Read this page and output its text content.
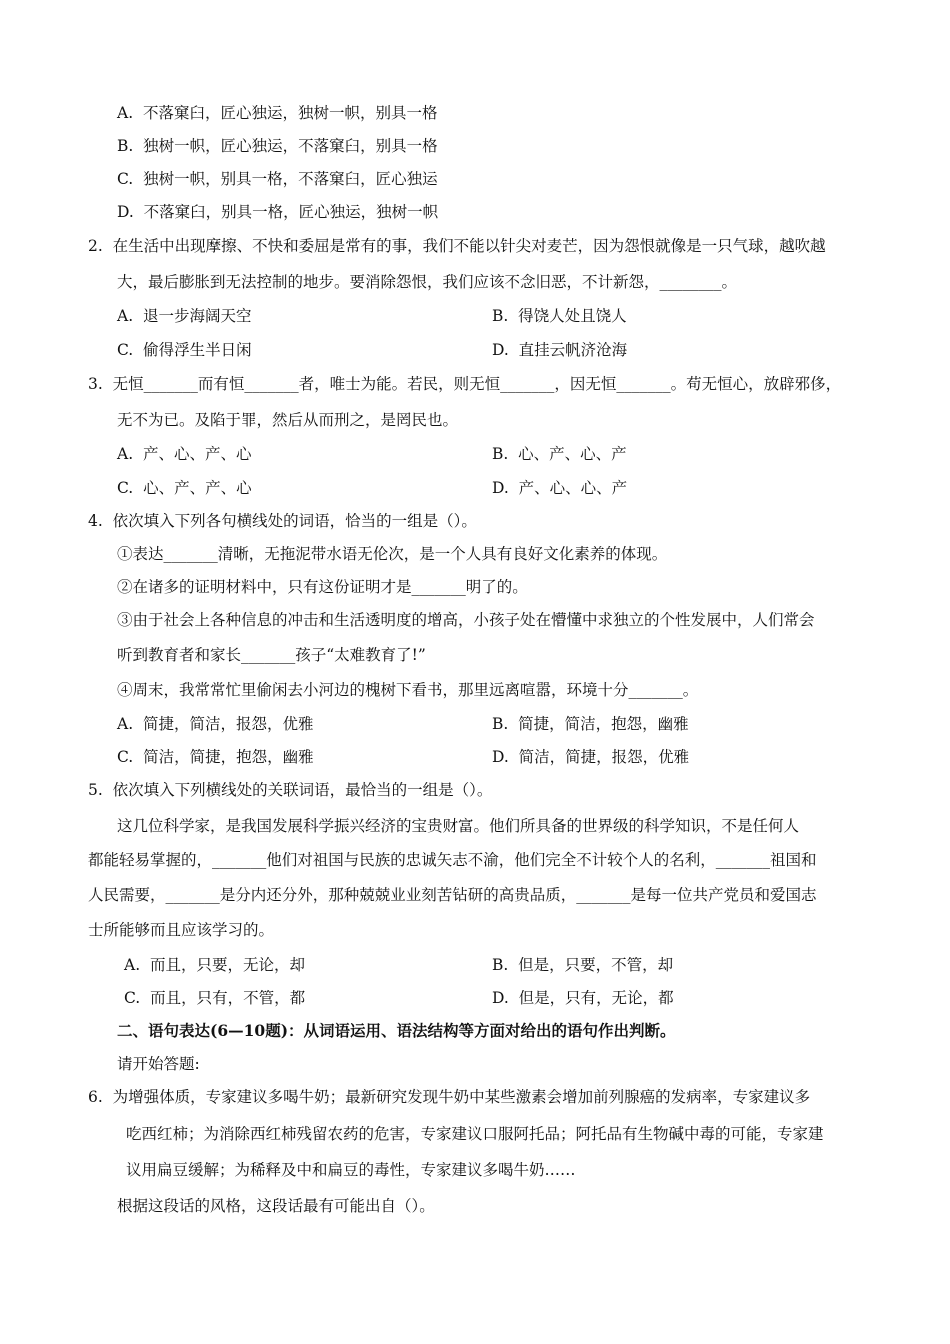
A.  不落窠臼，匠心独运，独树一帜，别具一格
B.  独树一帜，匠心独运，不落窠臼，别具一格
C.  独树一帜，别具一格，不落窠臼，匠心独运
D.  不落窠臼，别具一格，匠心独运，独树一帜
2.  在生活中出现摩擦、不快和委屈是常有的事，我们不能以针尖对麦芒，因为怨恨就像是一只气球，越吹越
大，最后膨胀到无法控制的地步。要消除怨恨，我们应该不念旧恶，不计新怨，________。
A.  退一步海阔天空	B.  得饶人处且饶人
C.  偷得浮生半日闲	D.  直挂云帆济沧海
3.  无恒_______而有恒_______者，唯士为能。若民，则无恒_______，因无恒_______。苟无恒心，放辟邪侈，
无不为已。及陷于罪，然后从而刑之，是罔民也。
A.  产、心、产、心	B.  心、产、心、产
C.  心、产、产、心	D.  产、心、心、产
4.  依次填入下列各句横线处的词语，恰当的一组是（）。
①表达_______清晰，无拖泥带水语无伦次，是一个人具有良好文化素养的体现。
②在诸多的证明材料中，只有这份证明才是_______明了的。
③由于社会上各种信息的冲击和生活透明度的增高，小孩子处在懵懂中求独立的个性发展中，人们常会
听到教育者和家长_______孩子“太难教育了!”
④周末，我常常忙里偷闲去小河边的槐树下看书，那里远离喧嚣，环境十分_______。
A.  简捷，简洁，报怨，优雅	B.  简捷，简洁，抱怨，幽雅
C.  简洁，简捷，抱怨，幽雅	D.  简洁，简捷，报怨，优雅
5.  依次填入下列横线处的关联词语，最恰当的一组是（）。
这几位科学家，是我国发展科学振兴经济的宝贵财富。他们所具备的世界级的科学知识，不是任何人
都能轻易掌握的，_______他们对祖国与民族的忠诚矢志不渝，他们完全不计较个人的名利，_______祖国和
人民需要，_______是分内还分外，那种兢兢业业刻苦钻研的高贵品质，_______是每一位共产党员和爱国志
士所能够而且应该学习的。
A.  而且，只要，无论，却	B.  但是，只要，不管，却
C.  而且，只有，不管，都	D.  但是，只有，无论，都
二、语句表达(6—10题)：从词语运用、语法结构等方面对给出的语句作出判断。
请开始答题:
6.  为增强体质，专家建议多喝牛奶；最新研究发现牛奶中某些激素会增加前列腺癌的发病率，专家建议多
吃西红柿；为消除西红柿残留农药的危害，专家建议口服阿托品；阿托品有生物碱中毒的可能，专家建
议用扁豆缓解；为稀释及中和扁豆的毒性，专家建议多喝牛奶……
根据这段话的风格，这段话最有可能出自（）。
